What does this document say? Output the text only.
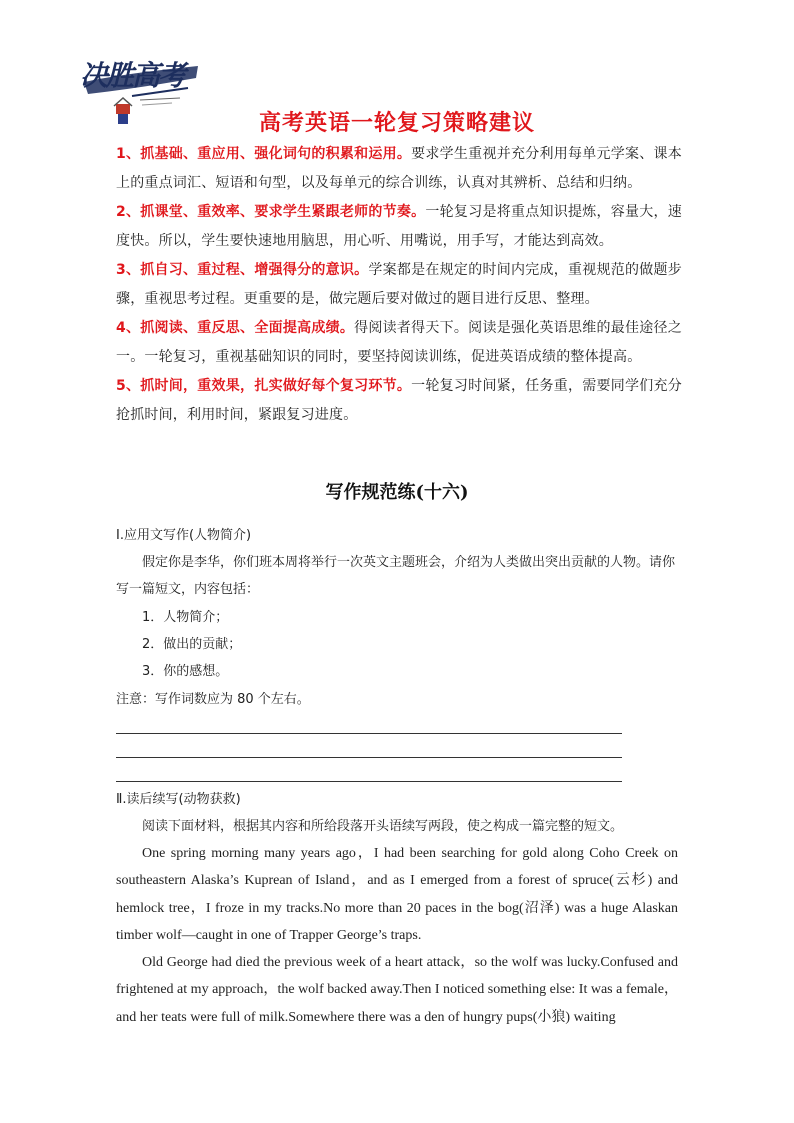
决胜高考
高考英语一轮复习策略建议
1、抓基础、重应用、强化词句的积累和运用。要求学生重视并充分利用每单元学案、课本上的重点词汇、短语和句型，以及每单元的综合训练，认真对其辨析、总结和归纳。
2、抓课堂、重效率、要求学生紧跟老师的节奏。一轮复习是将重点知识提炼，容量大，速度快。所以，学生要快速地用脑思，用心听、用嘴说，用手写，才能达到高效。
3、抓自习、重过程、增强得分的意识。学案都是在规定的时间内完成，重视规范的做题步骤，重视思考过程。更重要的是，做完题后要对做过的题目进行反思、整理。
4、抓阅读、重反思、全面提高成绩。得阅读者得天下。阅读是强化英语思维的最佳途径之一。一轮复习，重视基础知识的同时，要坚持阅读训练，促进英语成绩的整体提高。
5、抓时间，重效果，扎实做好每个复习环节。一轮复习时间紧，任务重，需要同学们充分抢抓时间，利用时间，紧跟复习进度。
写作规范练(十六)
Ⅰ.应用文写作(人物简介)
假定你是李华，你们班本周将举行一次英文主题班会，介绍为人类做出突出贡献的人物。请你写一篇短文，内容包括：
1．人物简介；
2．做出的贡献；
3．你的感想。
注意：写作词数应为 80 个左右。
Ⅱ.读后续写(动物获救)
阅读下面材料，根据其内容和所给段落开头语续写两段，使之构成一篇完整的短文。
One spring morning many years ago，I had been searching for gold along Coho Creek on southeastern Alaska’s Kuprean of Island，and as I emerged from a forest of spruce(云杉) and hemlock tree，I froze in my tracks.No more than 20 paces in the bog(沼泽) was a huge Alaskan timber wolf—caught in one of Trapper George’s traps.
Old George had died the previous week of a heart attack，so the wolf was lucky.Confused and frightened at my approach，the wolf backed away.Then I noticed something else: It was a female，and her teats were full of milk.Somewhere there was a den of hungry pups(小狼) waiting
